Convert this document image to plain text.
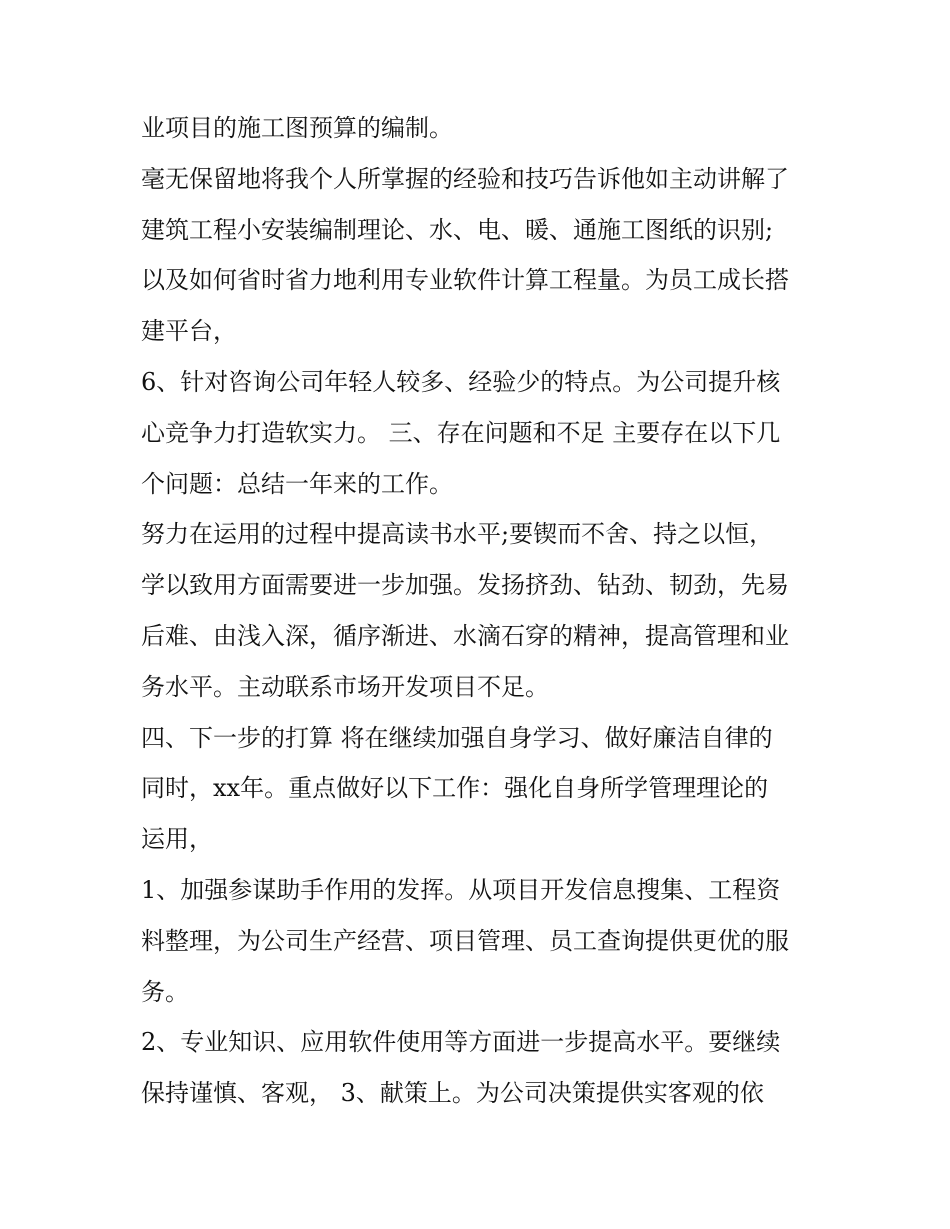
业项目的施工图预算的编制。
毫无保留地将我个人所掌握的经验和技巧告诉他如主动讲解了
建筑工程小安装编制理论、水、电、暖、通施工图纸的识别;
以及如何省时省力地利用专业软件计算工程量。为员工成长搭
建平台，
6、针对咨询公司年轻人较多、经验少的特点。为公司提升核
心竞争力打造软实力。 三、存在问题和不足 主要存在以下几
个问题：总结一年来的工作。
努力在运用的过程中提高读书水平;要锲而不舍、持之以恒，
学以致用方面需要进一步加强。发扬挤劲、钻劲、韧劲，先易
后难、由浅入深，循序渐进、水滴石穿的精神，提高管理和业
务水平。主动联系市场开发项目不足。
四、下一步的打算 将在继续加强自身学习、做好廉洁自律的
同时，xx年。重点做好以下工作：强化自身所学管理理论的
运用，
1、加强参谋助手作用的发挥。从项目开发信息搜集、工程资
料整理，为公司生产经营、项目管理、员工查询提供更优的服
务。
2、专业知识、应用软件使用等方面进一步提高水平。要继续
保持谨慎、客观， 3、献策上。为公司决策提供实客观的依
